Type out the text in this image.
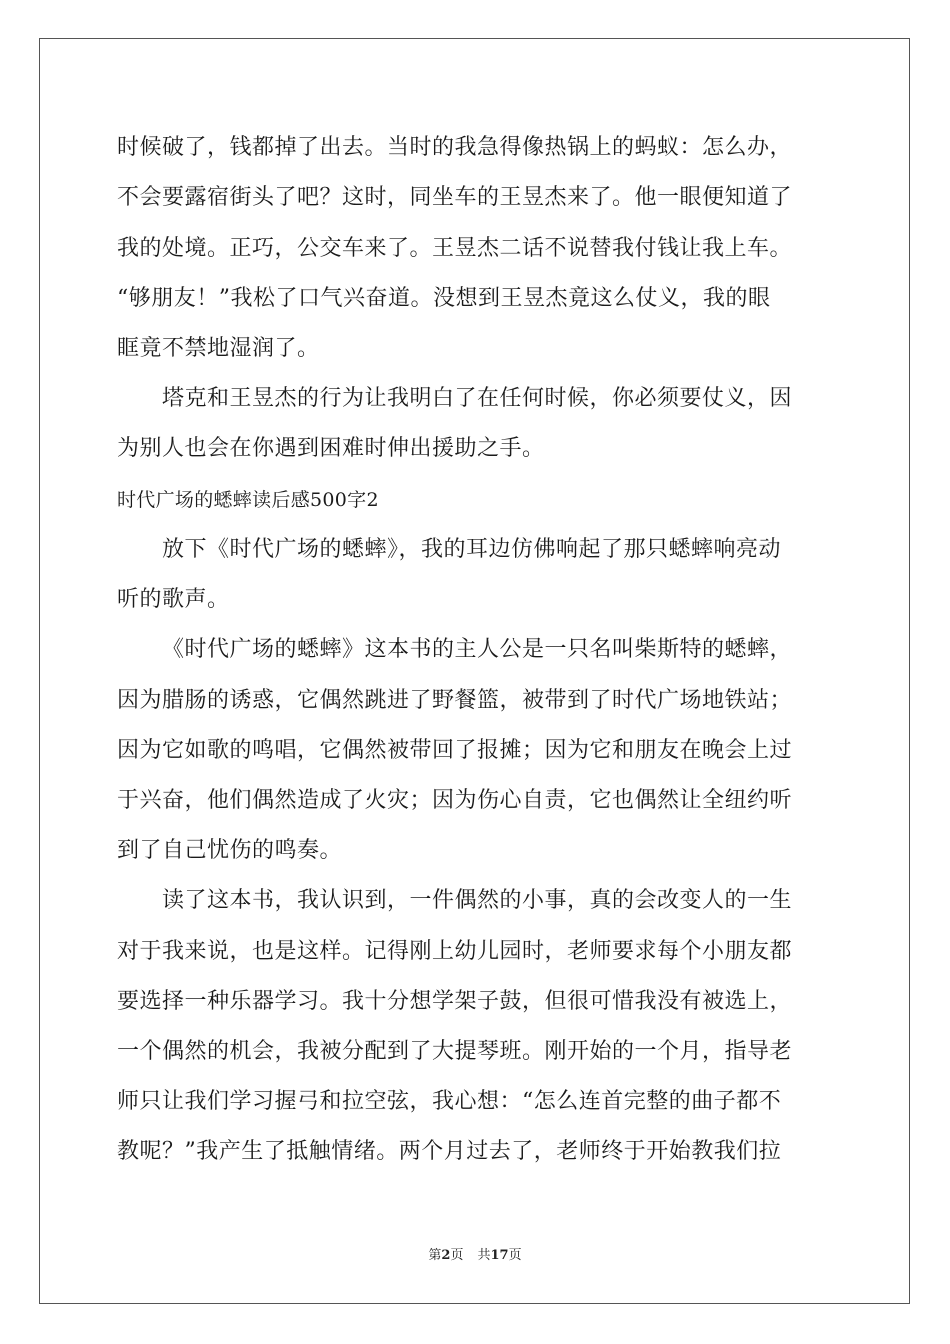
时候破了，钱都掉了出去。当时的我急得像热锅上的蚂蚁：怎么办，
不会要露宿街头了吧？这时，同坐车的王昱杰来了。他一眼便知道了
我的处境。正巧，公交车来了。王昱杰二话不说替我付钱让我上车。
“够朋友！”我松了口气兴奋道。没想到王昱杰竟这么仗义，我的眼
眶竟不禁地湿润了。
塔克和王昱杰的行为让我明白了在任何时候，你必须要仗义，因
为别人也会在你遇到困难时伸出援助之手。
时代广场的蟋蟀读后感500字2
放下《时代广场的蟋蟀》，我的耳边仿佛响起了那只蟋蟀响亮动
听的歌声。
《时代广场的蟋蟀》这本书的主人公是一只名叫柴斯特的蟋蟀，
因为腊肠的诱惑，它偶然跳进了野餐篮，被带到了时代广场地铁站；
因为它如歌的鸣唱，它偶然被带回了报摊；因为它和朋友在晚会上过
于兴奋，他们偶然造成了火灾；因为伤心自责，它也偶然让全纽约听
到了自己忧伤的鸣奏。
读了这本书，我认识到，一件偶然的小事，真的会改变人的一生
对于我来说，也是这样。记得刚上幼儿园时，老师要求每个小朋友都
要选择一种乐器学习。我十分想学架子鼓，但很可惜我没有被选上，
一个偶然的机会，我被分配到了大提琴班。刚开始的一个月，指导老
师只让我们学习握弓和拉空弦，我心想：“怎么连首完整的曲子都不
教呢？”我产生了抵触情绪。两个月过去了，老师终于开始教我们拉
第2页 共17页
